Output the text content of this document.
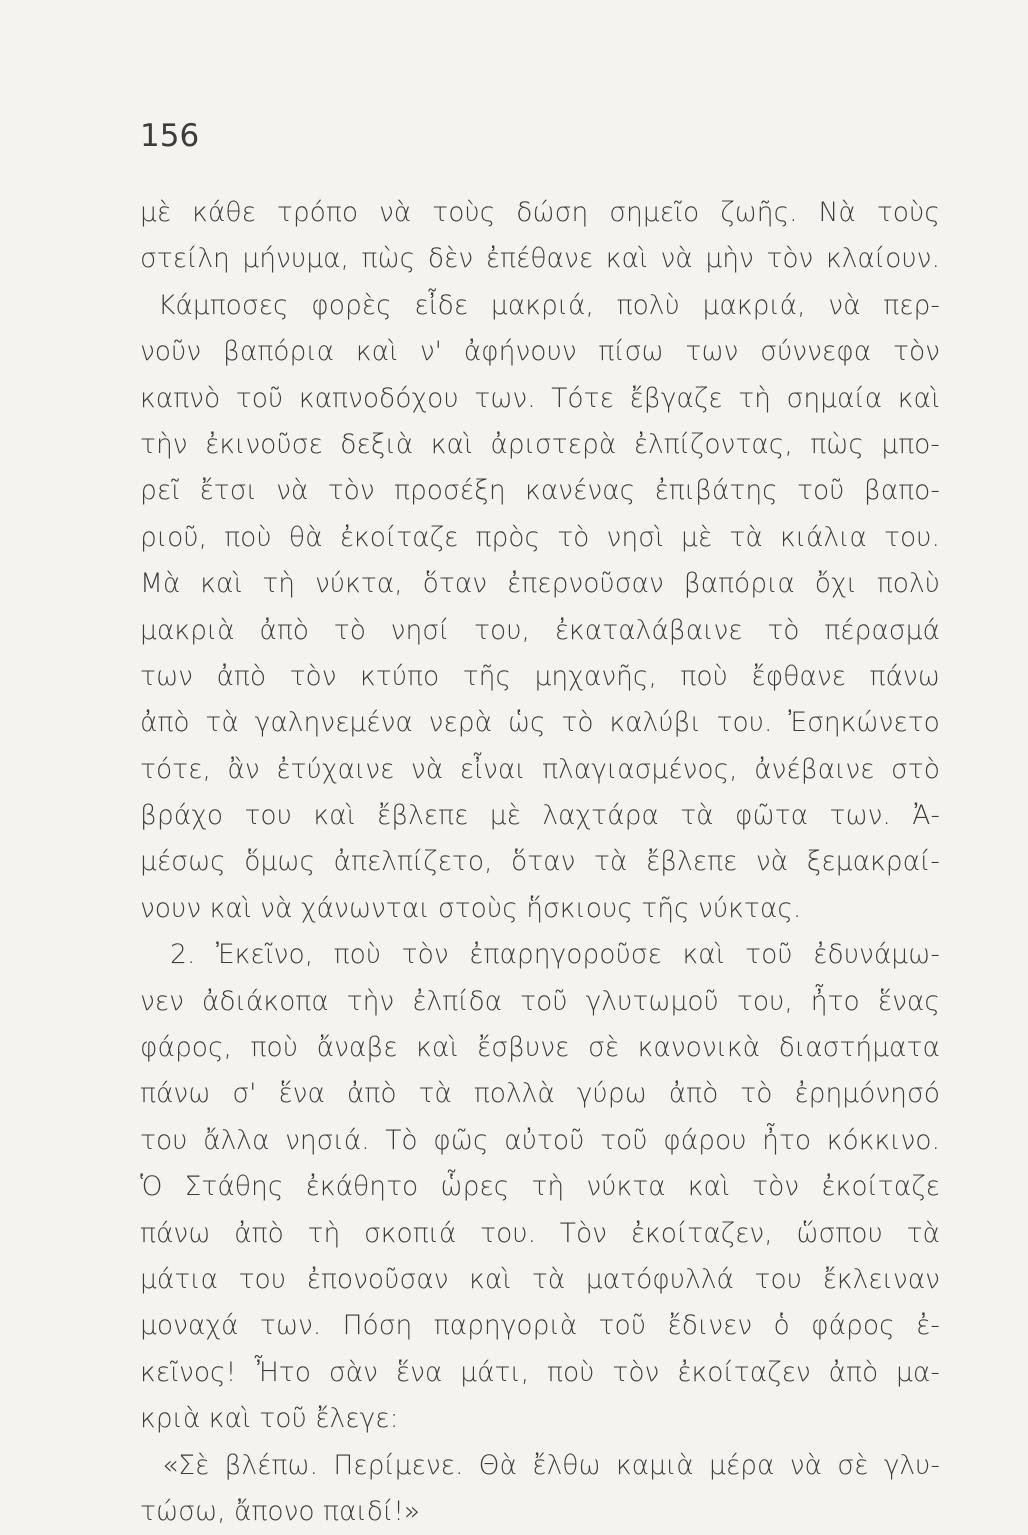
156
μὲ κάθε τρόπο νὰ τοὺς δώση σημεῖο ζωῆς. Νὰ τοὺς
στείλη μήνυμα, πὼς δὲν ἐπέθανε καὶ νὰ μὴν τὸν κλαίουν.
Κάμποσες φορὲς εἶδε μακριά, πολὺ μακριά, νὰ περ-
νοῦν βαπόρια καὶ ν' ἀφήνουν πίσω των σύννεφα τὸν
καπνὸ τοῦ καπνοδόχου των. Τότε ἔβγαζε τὴ σημαία καὶ
τὴν ἐκινοῦσε δεξιὰ καὶ ἀριστερὰ ἐλπίζοντας, πὼς μπο-
ρεῖ ἔτσι νὰ τὸν προσέξη κανένας ἐπιβάτης τοῦ βαπο-
ριοῦ, ποὺ θὰ ἐκοίταζε πρὸς τὸ νησὶ μὲ τὰ κιάλια του.
Μὰ καὶ τὴ νύκτα, ὅταν ἐπερνοῦσαν βαπόρια ὄχι πολὺ
μακριὰ ἀπὸ τὸ νησί του, ἐκαταλάβαινε τὸ πέρασμά
των ἀπὸ τὸν κτύπο τῆς μηχανῆς, ποὺ ἔφθανε πάνω
ἀπὸ τὰ γαληνεμένα νερὰ ὡς τὸ καλύβι του. Ἐσηκώνετο
τότε, ἂν ἐτύχαινε νὰ εἶναι πλαγιασμένος, ἀνέβαινε στὸ
βράχο του καὶ ἔβλεπε μὲ λαχτάρα τὰ φῶτα των. Ἀ-
μέσως ὅμως ἀπελπίζετο, ὅταν τὰ ἔβλεπε νὰ ξεμακραί-
νουν καὶ νὰ χάνωνται στοὺς ἥσκιους τῆς νύκτας.
2. Ἐκεῖνο, ποὺ τὸν ἐπαρηγοροῦσε καὶ τοῦ ἐδυνάμω-
νεν ἀδιάκοπα τὴν ἐλπίδα τοῦ γλυτωμοῦ του, ἦτο ἕνας
φάρος, ποὺ ἄναβε καὶ ἔσβυνε σὲ κανονικὰ διαστήματα
πάνω σ' ἕνα ἀπὸ τὰ πολλὰ γύρω ἀπὸ τὸ ἐρημόνησό
του ἄλλα νησιά. Τὸ φῶς αὐτοῦ τοῦ φάρου ἦτο κόκκινο.
Ὁ Στάθης ἐκάθητο ὧρες τὴ νύκτα καὶ τὸν ἐκοίταζε
πάνω ἀπὸ τὴ σκοπιά του. Τὸν ἐκοίταζεν, ὥσπου τὰ
μάτια του ἐπονοῦσαν καὶ τὰ ματόφυλλά του ἔκλειναν
μοναχά των. Πόση παρηγοριὰ τοῦ ἔδινεν ὁ φάρος ἐ-
κεῖνος! Ἦτο σὰν ἕνα μάτι, ποὺ τὸν ἐκοίταζεν ἀπὸ μα-
κριὰ καὶ τοῦ ἔλεγε:
«Σὲ βλέπω. Περίμενε. Θὰ ἔλθω καμιὰ μέρα νὰ σὲ γλυ-
τώσω, ἄπονο παιδί!»
